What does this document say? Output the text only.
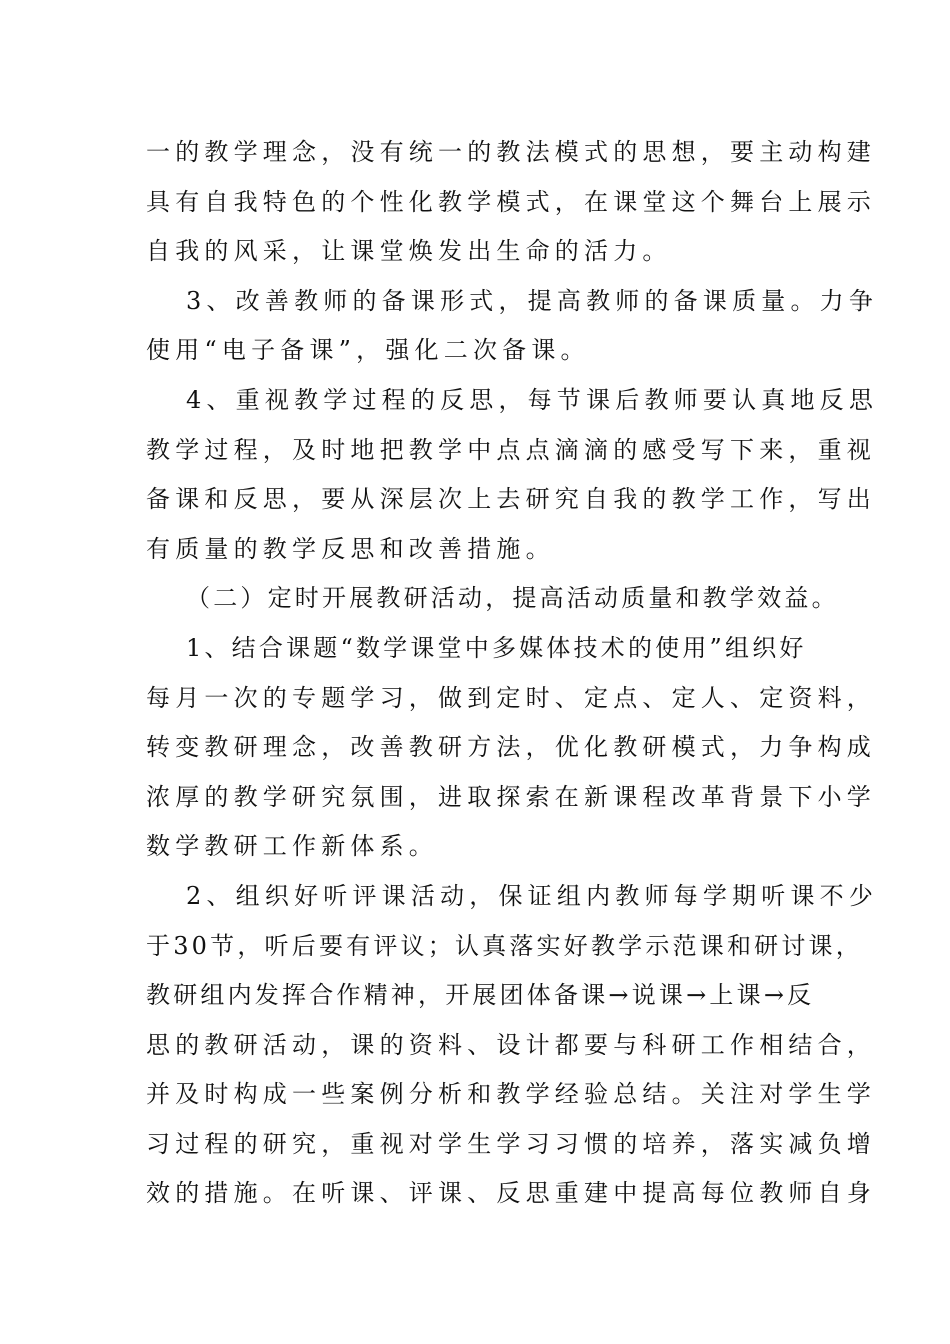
一的教学理念，没有统一的教法模式的思想，要主动构建
具有自我特色的个性化教学模式，在课堂这个舞台上展示
自我的风采，让课堂焕发出生命的活力。
3、改善教师的备课形式，提高教师的备课质量。力争
使用“电子备课”，强化二次备课。
4、重视教学过程的反思，每节课后教师要认真地反思
教学过程，及时地把教学中点点滴滴的感受写下来，重视
备课和反思，要从深层次上去研究自我的教学工作，写出
有质量的教学反思和改善措施。
（二）定时开展教研活动，提高活动质量和教学效益。
1、结合课题“数学课堂中多媒体技术的使用”组织好
每月一次的专题学习，做到定时、定点、定人、定资料，
转变教研理念，改善教研方法，优化教研模式，力争构成
浓厚的教学研究氛围，进取探索在新课程改革背景下小学
数学教研工作新体系。
2、组织好听评课活动，保证组内教师每学期听课不少
于30节，听后要有评议；认真落实好教学示范课和研讨课，
教研组内发挥合作精神，开展团体备课→说课→上课→反
思的教研活动，课的资料、设计都要与科研工作相结合，
并及时构成一些案例分析和教学经验总结。关注对学生学
习过程的研究，重视对学生学习习惯的培养，落实减负增
效的措施。在听课、评课、反思重建中提高每位教师自身
